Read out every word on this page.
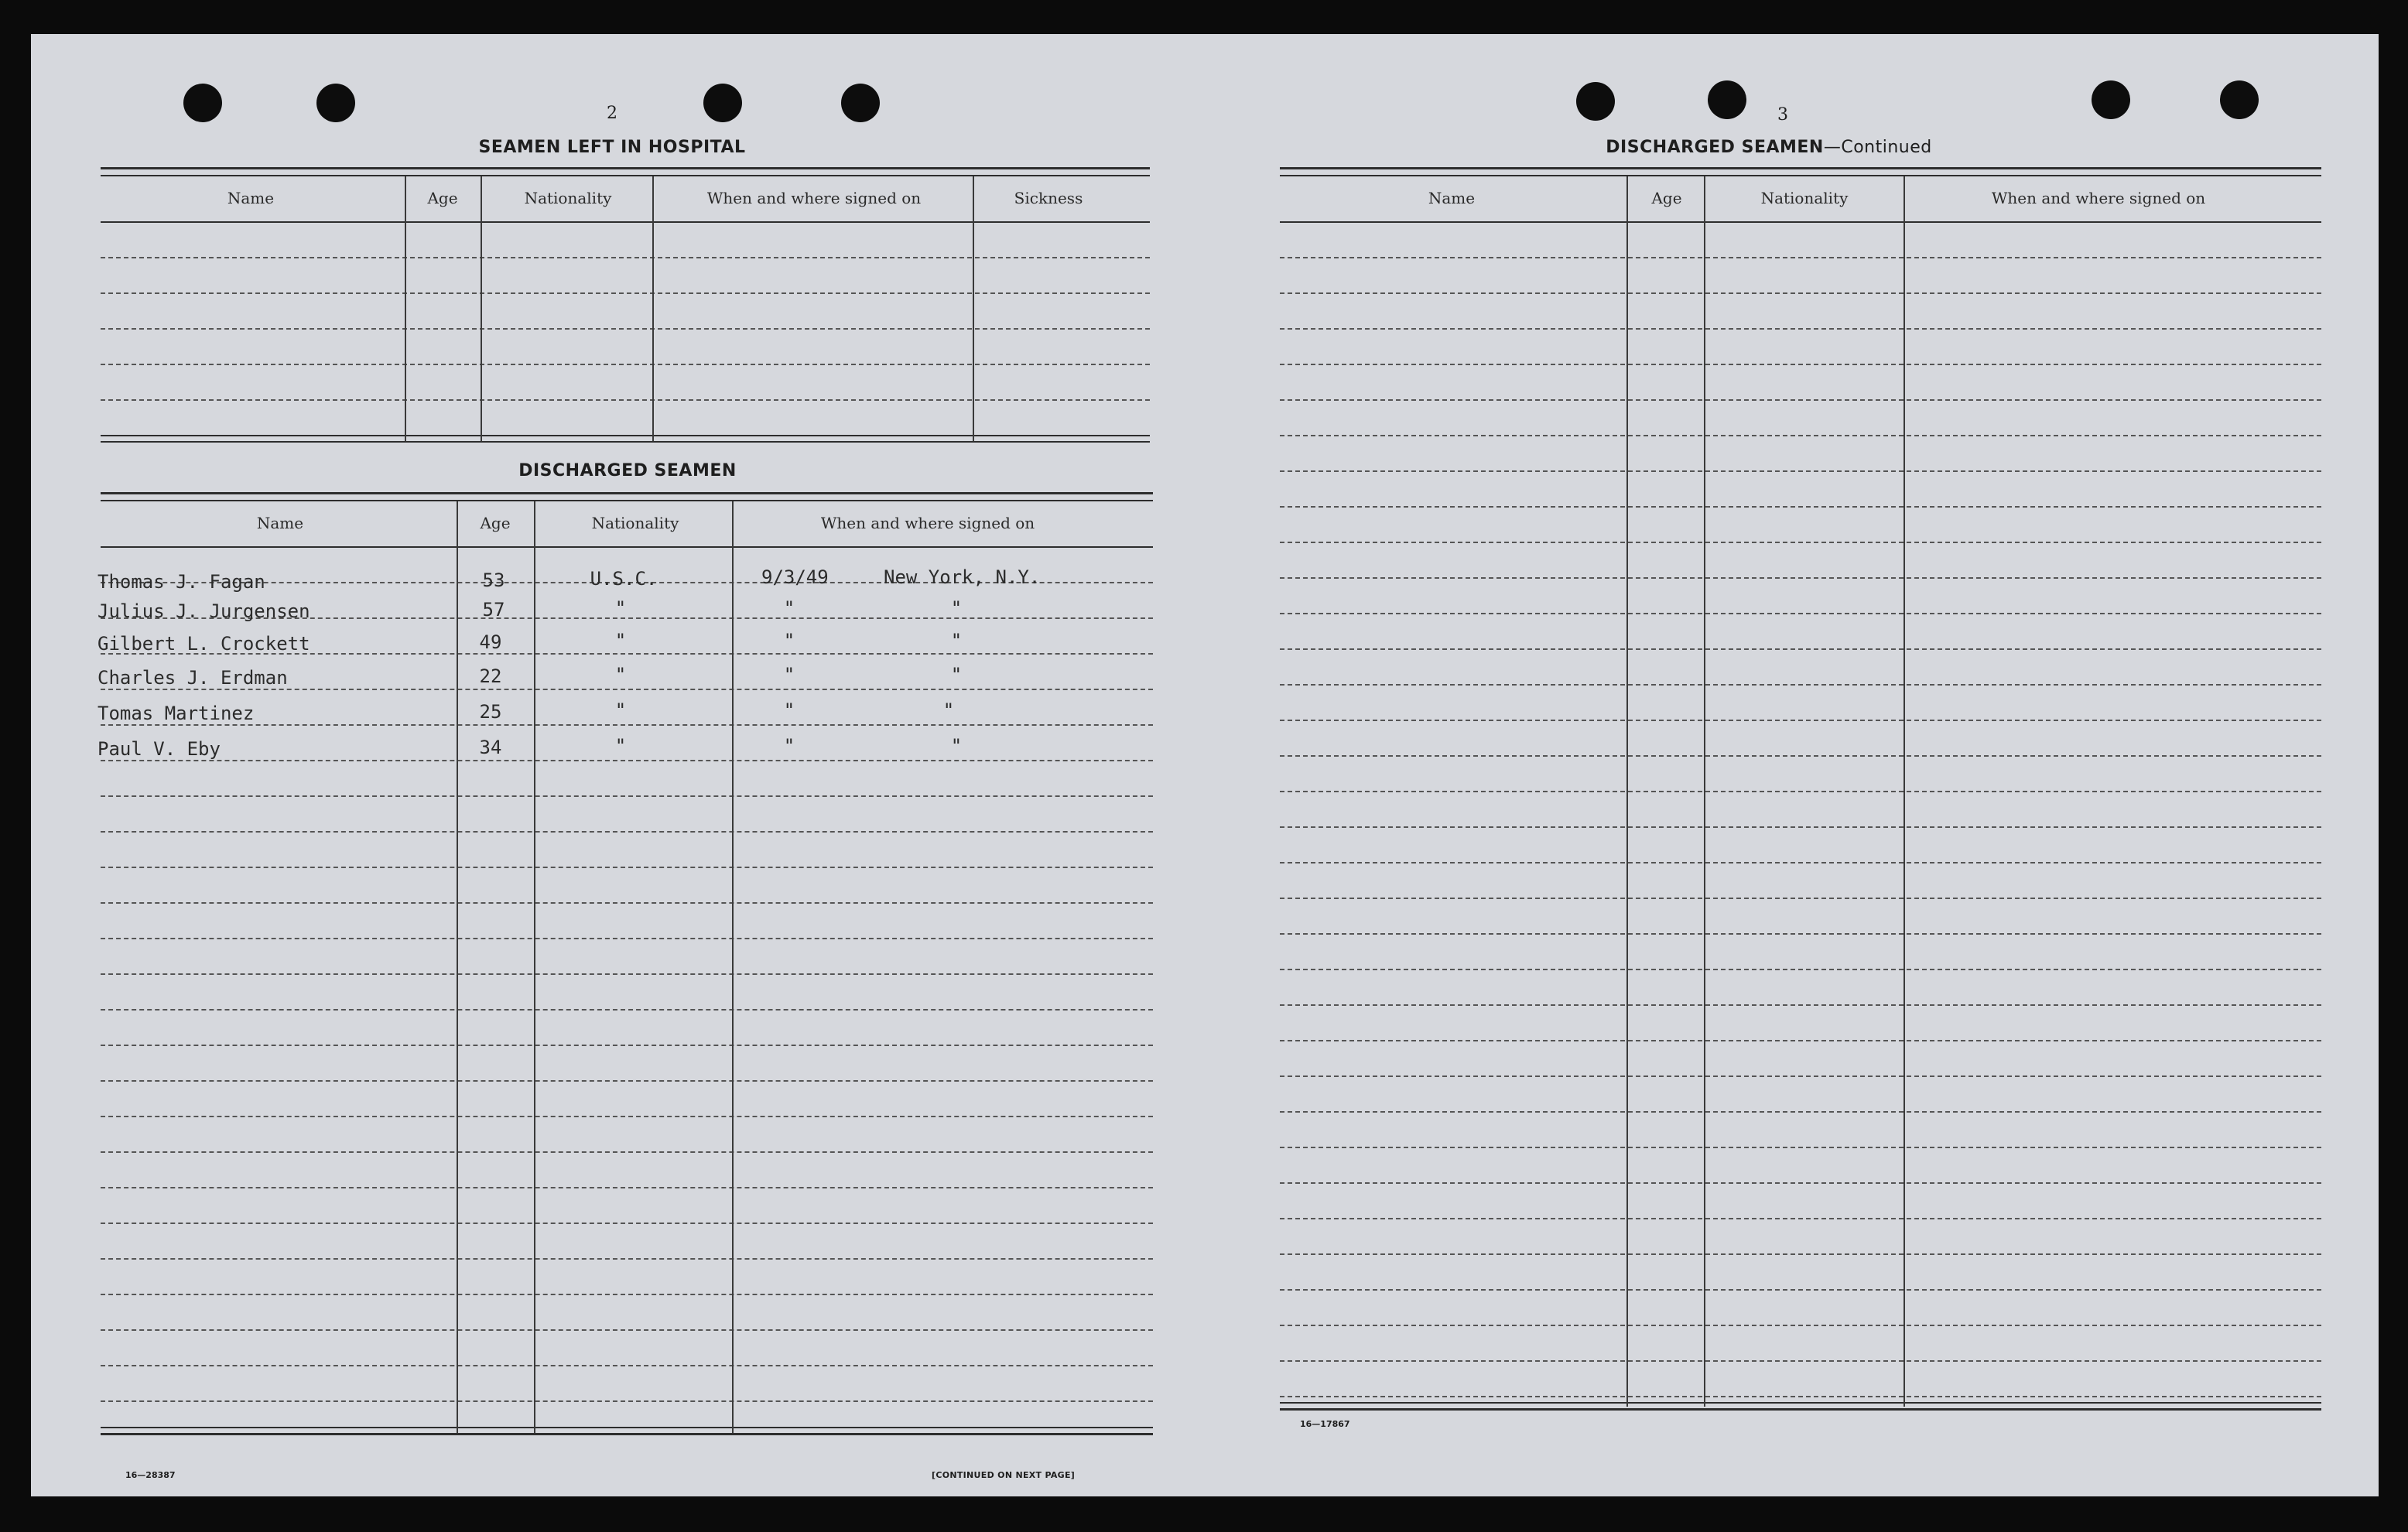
2
SEAMEN LEFT IN HOSPITAL
Name	Age	Nationality	When and where signed on	Sickness
DISCHARGED SEAMEN
Name	Age	Nationality	When and where signed on
Thomas J. Fagan	53	U.S.C.	9/3/49	New York, N.Y.
Julius J. Jurgensen	57	"	"	"
Gilbert L. Crockett	49	"	"	"
Charles J. Erdman	22	"	"	"
Tomas Martinez	25	"	"	"
Paul V. Eby	34	"	"	"
16—28387	[CONTINUED ON NEXT PAGE]
3
DISCHARGED SEAMEN—Continued
Name	Age	Nationality	When and where signed on
16—17867
